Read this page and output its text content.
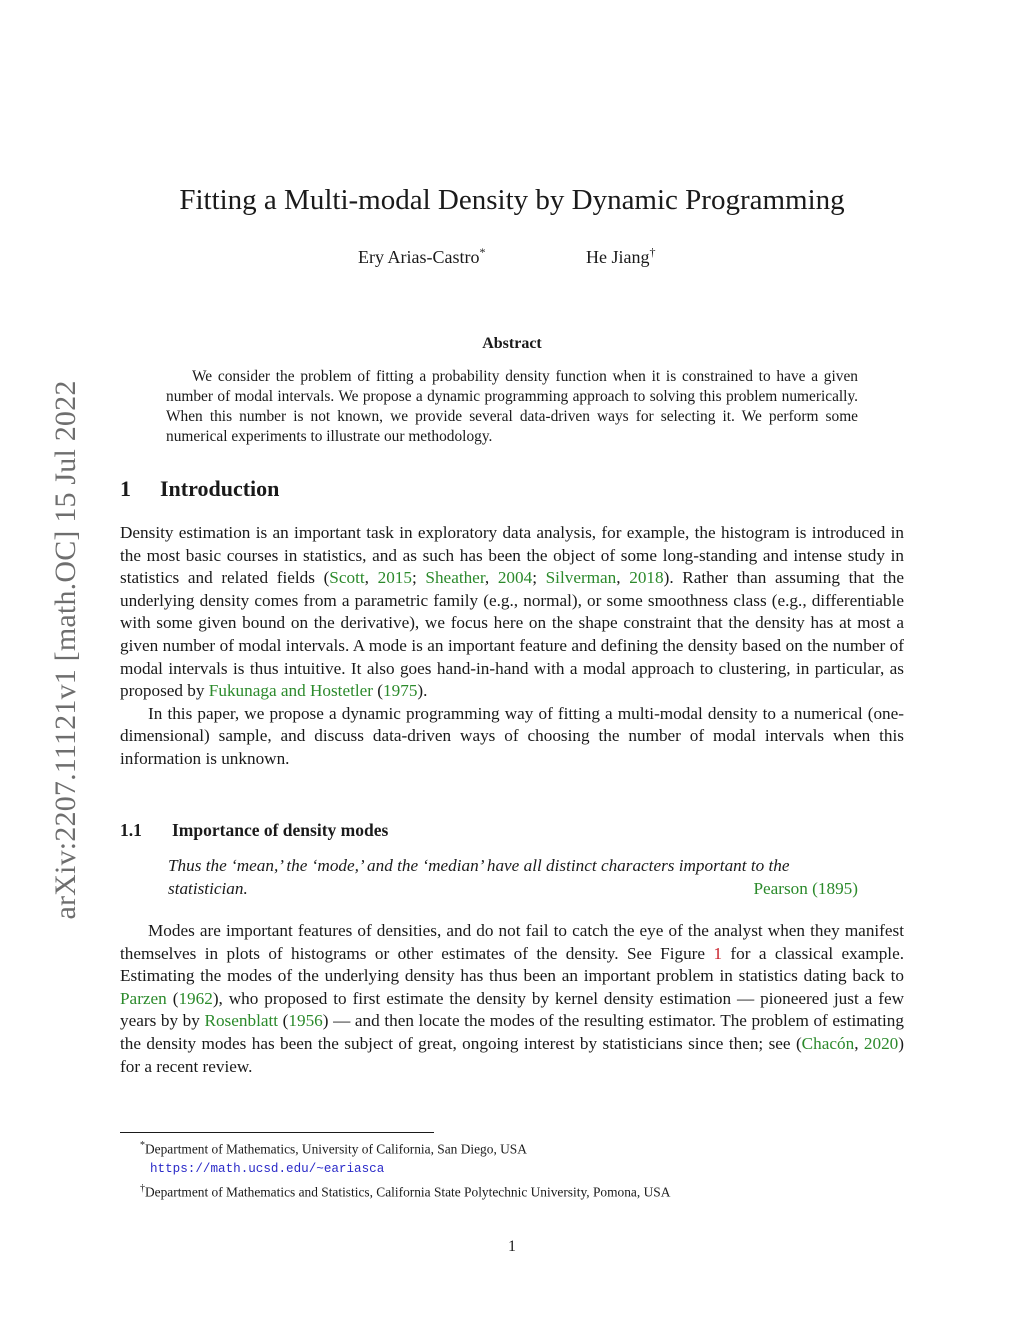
arXiv:2207.11121v1 [math.OC] 15 Jul 2022
Fitting a Multi-modal Density by Dynamic Programming
Ery Arias-Castro*	He Jiang†
Abstract
We consider the problem of fitting a probability density function when it is constrained to have a given number of modal intervals. We propose a dynamic programming approach to solving this problem numerically. When this number is not known, we provide several data-driven ways for selecting it. We perform some numerical experiments to illustrate our methodology.
1 Introduction

Density estimation is an important task in exploratory data analysis, for example, the histogram is introduced in the most basic courses in statistics, and as such has been the object of some long-standing and intense study in statistics and related fields (Scott, 2015; Sheather, 2004; Silverman, 2018). Rather than assuming that the underlying density comes from a parametric family (e.g., normal), or some smoothness class (e.g., differentiable with some given bound on the derivative), we focus here on the shape constraint that the density has at most a given number of modal intervals. A mode is an important feature and defining the density based on the number of modal intervals is thus intuitive. It also goes hand-in-hand with a modal approach to clustering, in particular, as proposed by Fukunaga and Hostetler (1975).

In this paper, we propose a dynamic programming way of fitting a multi-modal density to a numerical (one-dimensional) sample, and discuss data-driven ways of choosing the number of modal intervals when this information is unknown.

1.1 Importance of density modes
Thus the ‘mean,’ the ‘mode,’ and the ‘median’ have all distinct characters important to the statistician.	Pearson (1895)

Modes are important features of densities, and do not fail to catch the eye of the analyst when they manifest themselves in plots of histograms or other estimates of the density. See Figure 1 for a classical example. Estimating the modes of the underlying density has thus been an important problem in statistics dating back to Parzen (1962), who proposed to first estimate the density by kernel density estimation — pioneered just a few years by by Rosenblatt (1956) — and then locate the modes of the resulting estimator. The problem of estimating the density modes has been the subject of great, ongoing interest by statisticians since then; see (Chacón, 2020) for a recent review.

*Department of Mathematics, University of California, San Diego, USA
https://math.ucsd.edu/~eariasca
†Department of Mathematics and Statistics, California State Polytechnic University, Pomona, USA
1
